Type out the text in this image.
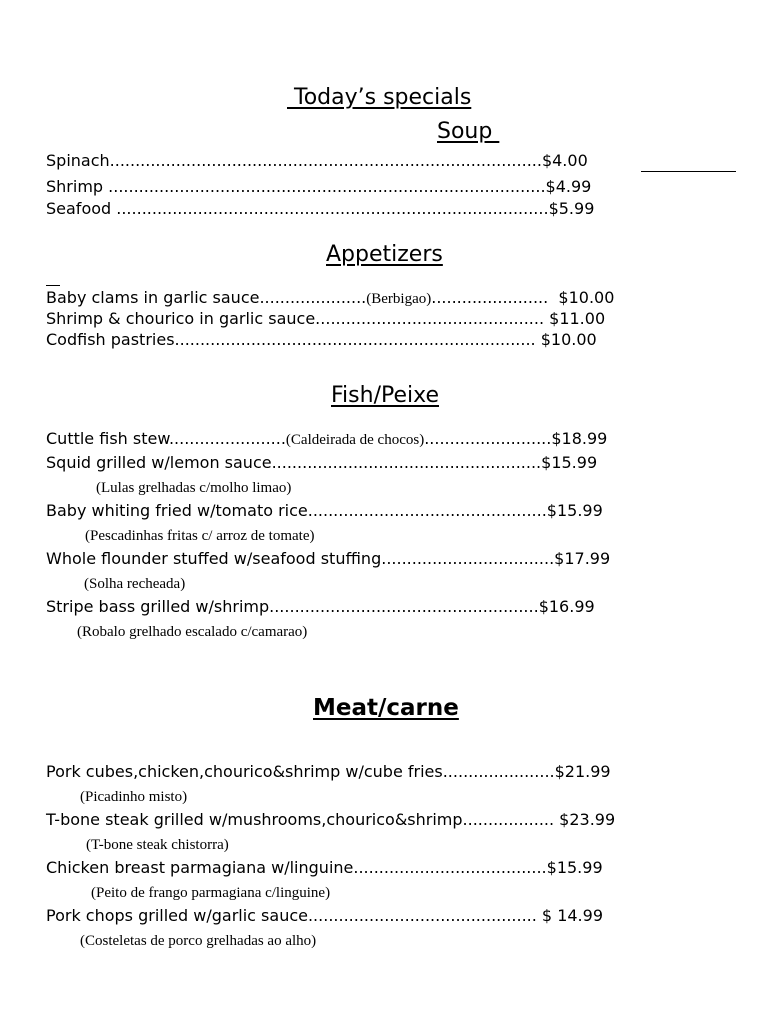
Today’s specials
Soup
Spinach.....................................................................................$4.00
Shrimp ......................................................................................$4.99
Seafood .....................................................................................$5.99
Appetizers
Baby clams in garlic sauce.....................(Berbigao).......................  $10.00
Shrimp & chourico in garlic sauce............................................. $11.00
Codfish pastries....................................................................... $10.00
Fish/Peixe
Cuttle fish stew.......................(Caldeirada de chocos).........................$18.99
Squid grilled w/lemon sauce.....................................................$15.99
(Lulas grelhadas c/molho limao)
Baby whiting fried w/tomato rice...............................................$15.99
(Pescadinhas fritas c/ arroz de tomate)
Whole flounder stuffed w/seafood stuffing..................................$17.99
(Solha recheada)
Stripe bass grilled w/shrimp.....................................................$16.99
(Robalo grelhado escalado c/camarao)
Meat/carne
Pork cubes,chicken,chourico&shrimp w/cube fries......................$21.99
(Picadinho misto)
T-bone steak grilled w/mushrooms,chourico&shrimp.................. $23.99
(T-bone steak chistorra)
Chicken breast parmagiana w/linguine......................................$15.99
(Peito de frango parmagiana c/linguine)
Pork chops grilled w/garlic sauce............................................. $ 14.99
(Costeletas de porco grelhadas ao alho)
